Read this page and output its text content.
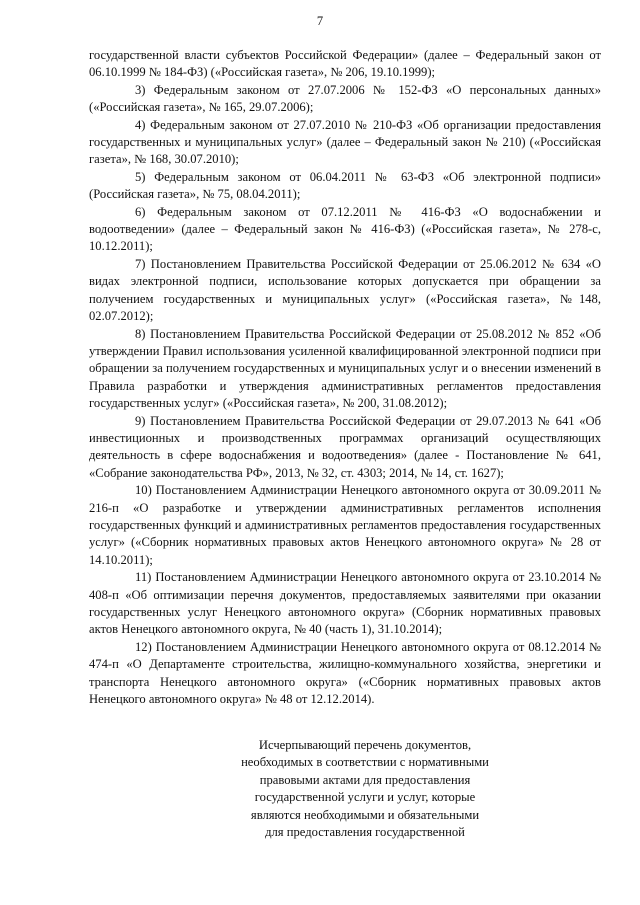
7

государственной власти субъектов Российской Федерации» (далее – Федеральный закон от 06.10.1999 № 184-ФЗ) («Российская газета», № 206, 19.10.1999);

3) Федеральным законом от 27.07.2006 № 152-ФЗ «О персональных данных» («Российская газета», № 165, 29.07.2006);

4) Федеральным законом от 27.07.2010 № 210-ФЗ «Об организации предоставления государственных и муниципальных услуг» (далее – Федеральный закон № 210) («Российская газета», № 168, 30.07.2010);

5) Федеральным законом от 06.04.2011 № 63-ФЗ «Об электронной подписи» (Российская газета», № 75, 08.04.2011);

6) Федеральным законом от 07.12.2011 № 416-ФЗ «О водоснабжении и водоотведении» (далее – Федеральный закон № 416-ФЗ) («Российская газета», № 278-с, 10.12.2011);

7) Постановлением Правительства Российской Федерации от 25.06.2012 № 634 «О видах электронной подписи, использование которых допускается при обращении за получением государственных и муниципальных услуг» («Российская газета», №148, 02.07.2012);

8) Постановлением Правительства Российской Федерации от 25.08.2012 № 852 «Об утверждении Правил использования усиленной квалифицированной электронной подписи при обращении за получением государственных и муниципальных услуг и о внесении изменений в Правила разработки и утверждения административных регламентов предоставления государственных услуг» («Российская газета», № 200, 31.08.2012);

9) Постановлением Правительства Российской Федерации от 29.07.2013 № 641 «Об инвестиционных и производственных программах организаций осуществляющих деятельность в сфере водоснабжения и водоотведения» (далее - Постановление № 641, «Собрание законодательства РФ», 2013, № 32, ст. 4303; 2014, № 14, ст. 1627);

10) Постановлением Администрации Ненецкого автономного округа от 30.09.2011 № 216-п «О разработке и утверждении административных регламентов исполнения государственных функций и административных регламентов предоставления государственных услуг» («Сборник нормативных правовых актов Ненецкого автономного округа» № 28 от 14.10.2011);

11) Постановлением Администрации Ненецкого автономного округа от 23.10.2014 № 408-п «Об оптимизации перечня документов, предоставляемых заявителями при оказании государственных услуг Ненецкого автономного округа» (Сборник нормативных правовых актов Ненецкого автономного округа, № 40 (часть 1), 31.10.2014);

12) Постановлением Администрации Ненецкого автономного округа от 08.12.2014 № 474-п «О Департаменте строительства, жилищно-коммунального хозяйства, энергетики и транспорта Ненецкого автономного округа» («Сборник нормативных правовых актов Ненецкого автономного округа» № 48 от 12.12.2014).

Исчерпывающий перечень документов,
необходимых в соответствии с нормативными
правовыми актами для предоставления
государственной услуги и услуг, которые
являются необходимыми и обязательными
для предоставления государственной
